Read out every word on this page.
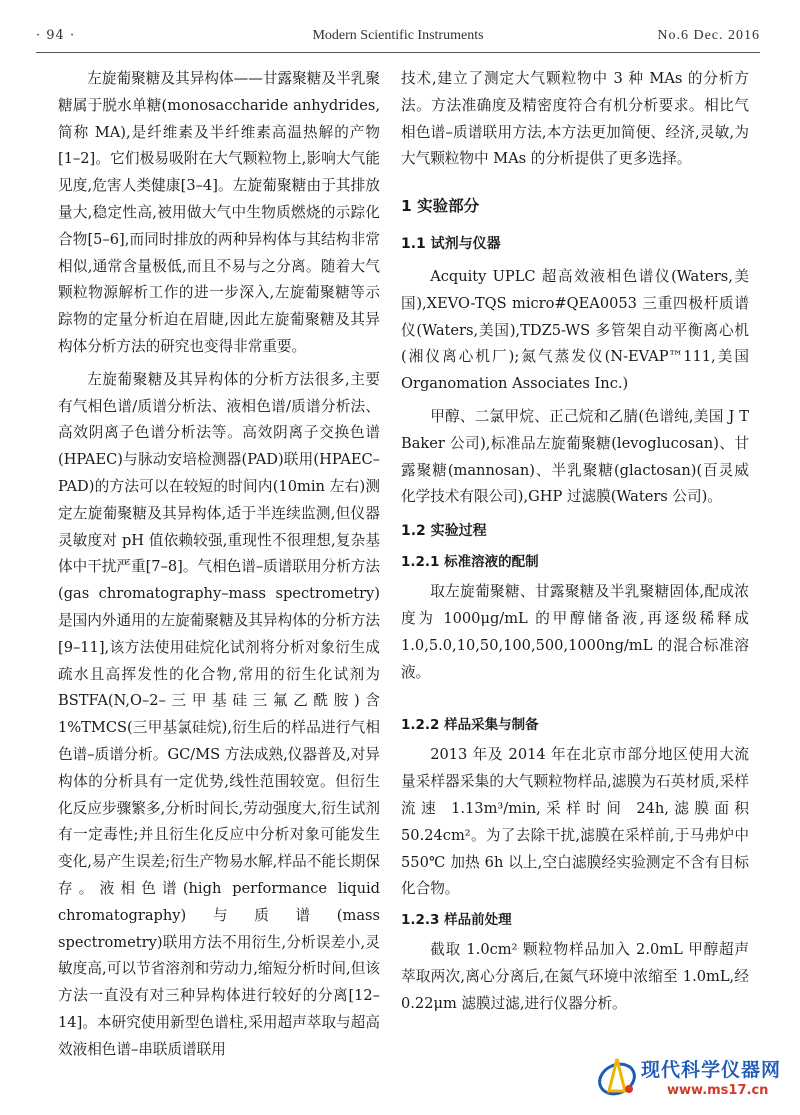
· 94 ·	Modern Scientific Instruments	No.6 Dec. 2016

左旋葡聚糖及其异构体——甘露聚糖及半乳聚糖属于脱水单糖(monosaccharide anhydrides,简称 MA),是纤维素及半纤维素高温热解的产物[1–2]。它们极易吸附在大气颗粒物上,影响大气能见度,危害人类健康[3–4]。左旋葡聚糖由于其排放量大,稳定性高,被用做大气中生物质燃烧的示踪化合物[5–6],而同时排放的两种异构体与其结构非常相似,通常含量极低,而且不易与之分离。随着大气颗粒物源解析工作的进一步深入,左旋葡聚糖等示踪物的定量分析迫在眉睫,因此左旋葡聚糖及其异构体分析方法的研究也变得非常重要。

左旋葡聚糖及其异构体的分析方法很多,主要有气相色谱/质谱分析法、液相色谱/质谱分析法、高效阴离子色谱分析法等。高效阴离子交换色谱(HPAEC)与脉动安培检测器(PAD)联用(HPAEC–PAD)的方法可以在较短的时间内(10min 左右)测定左旋葡聚糖及其异构体,适于半连续监测,但仪器灵敏度对 pH 值依赖较强,重现性不很理想,复杂基体中干扰严重[7–8]。气相色谱–质谱联用分析方法(gas chromatography–mass spectrometry)是国内外通用的左旋葡聚糖及其异构体的分析方法[9–11],该方法使用硅烷化试剂将分析对象衍生成疏水且高挥发性的化合物,常用的衍生化试剂为 BSTFA(N,O–2–三甲基硅三氟乙酰胺)含 1%TMCS(三甲基氯硅烷),衍生后的样品进行气相色谱–质谱分析。GC/MS 方法成熟,仪器普及,对异构体的分析具有一定优势,线性范围较宽。但衍生化反应步骤繁多,分析时间长,劳动强度大,衍生试剂有一定毒性;并且衍生化反应中分析对象可能发生变化,易产生误差;衍生产物易水解,样品不能长期保存。液相色谱(high performance liquid chromatography)与质谱(mass spectrometry)联用方法不用衍生,分析误差小,灵敏度高,可以节省溶剂和劳动力,缩短分析时间,但该方法一直没有对三种异构体进行较好的分离[12–14]。本研究使用新型色谱柱,采用超声萃取与超高效液相色谱–串联质谱联用

技术,建立了测定大气颗粒物中 3 种 MAs 的分析方法。方法准确度及精密度符合有机分析要求。相比气相色谱–质谱联用方法,本方法更加简便、经济,灵敏,为大气颗粒物中 MAs 的分析提供了更多选择。

1 实验部分
1.1 试剂与仪器

Acquity UPLC 超高效液相色谱仪(Waters,美国),XEVO-TQS micro#QEA0053 三重四极杆质谱仪(Waters,美国),TDZ5-WS 多管架自动平衡离心机(湘仪离心机厂);氮气蒸发仪(N-EVAP™111,美国 Organomation Associates Inc.)

甲醇、二氯甲烷、正己烷和乙腈(色谱纯,美国 J T Baker 公司),标准品左旋葡聚糖(levoglucosan)、甘露聚糖(mannosan)、半乳聚糖(glactosan)(百灵威化学技术有限公司),GHP 过滤膜(Waters 公司)。

1.2 实验过程
1.2.1 标准溶液的配制

取左旋葡聚糖、甘露聚糖及半乳聚糖固体,配成浓度为 1000μg/mL 的甲醇储备液,再逐级稀释成 1.0,5.0,10,50,100,500,1000ng/mL 的混合标准溶液。

1.2.2 样品采集与制备

2013 年及 2014 年在北京市部分地区使用大流量采样器采集的大气颗粒物样品,滤膜为石英材质,采样流速 1.13m³/min,采样时间 24h,滤膜面积 50.24cm²。为了去除干扰,滤膜在采样前,于马弗炉中 550℃ 加热 6h 以上,空白滤膜经实验测定不含有目标化合物。

1.2.3 样品前处理

截取 1.0cm² 颗粒物样品加入 2.0mL 甲醇超声萃取两次,离心分离后,在氮气环境中浓缩至 1.0mL,经 0.22μm 滤膜过滤,进行仪器分析。

现代科学仪器网
www.ms17.cn
